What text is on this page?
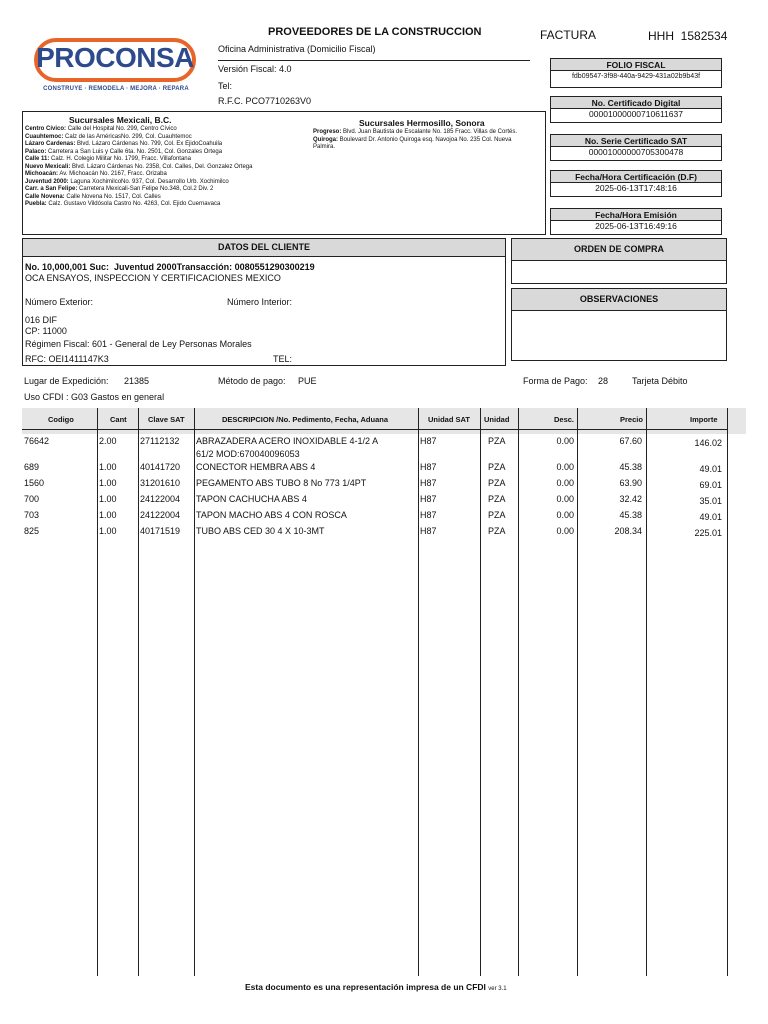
PROCONSA
CONSTRUYE · REMODELA · MEJORA · REPARA
PROVEEDORES DE LA CONSTRUCCION
Oficina Administrativa (Domicilio Fiscal)
Versión Fiscal: 4.0
Tel:
R.F.C. PCO7710263V0
FACTURA	HHH  1582534
FOLIO FISCAL
fdb09547-3f98-440a-9429-431a02b9b43f
No. Certificado Digital
00001000000710611637
No. Serie Certificado SAT
00001000000705300478
Fecha/Hora Certificación (D.F)
2025-06-13T17:48:16
Fecha/Hora Emisión
2025-06-13T16:49:16
Sucursales Mexicali, B.C.
Centro Cívico: Calle del Hospital No. 299, Centro Cívico
Cuauhtemoc: Calz de las AméricasNo. 299, Col. Cuauhtemoc
Lázaro Cardenas: Blvd. Lázaro Cárdenas No. 799, Col. Ex EjidoCoahuila
Palaco: Carretera a San Luis y Calle 6ta. No. 2501, Col. Gonzales Ortega
Calle 11: Calz. H. Colegio Militar No. 1799, Fracc. Villafontana
Nuevo Mexicali: Blvd. Lázaro Cárdenas No. 2358, Col. Calles, Del. Gonzalez Ortega
Michoacán: Av. Michoacán No. 2167, Fracc. Orizaba
Juventud 2000: Laguna XochimilcoNo. 937, Col. Desarrollo Urb. Xochimilco
Carr. a San Felipe: Carretera Mexicali-San Felipe No.348, Col.2 Div. 2
Calle Novena: Calle Novena No. 1517, Col. Calles
Puebla: Calz. Gustavo Vildósola Castro No. 4263, Col. Ejido Cuernavaca
Sucursales Hermosillo, Sonora
Progreso: Blvd. Juan Bautista de Escalante No. 185 Fracc. Villas de Cortés.
Quiroga: Boulevard Dr. Antonio Quiroga esq. Navojoa No. 235 Col. Nueva Palmira.
DATOS DEL CLIENTE
No. 10,000,001 Suc:  Juventud 2000Transacción: 0080551290300219
OCA ENSAYOS, INSPECCION Y CERTIFICACIONES MEXICO
Número Exterior:	Número Interior:
016 DIF
CP: 11000
Régimen Fiscal: 601 - General de Ley Personas Morales
RFC: OEI1411147K3	TEL:
ORDEN DE COMPRA
OBSERVACIONES
Lugar de Expedición: 21385	Método de pago: PUE	Forma de Pago: 28	Tarjeta Débito
Uso CFDI : G03 Gastos en general
Codigo	Cant	Clave SAT	DESCRIPCION /No. Pedimento, Fecha, Aduana	Unidad SAT Unidad	Desc.	Precio	Importe
76642	2.00	27112132 ABRAZADERA ACERO INOXIDABLE 4-1/2 A
61/2 MOD:670040096053
H87	PZA	0.00	67.60	146.02
689	1.00	40141720 CONECTOR HEMBRA ABS 4	H87	PZA	0.00	45.38	49.01
1560	1.00	31201610 PEGAMENTO ABS TUBO 8 No 773 1/4PT	H87	PZA	0.00	63.90	69.01
700	1.00	24122004 TAPON CACHUCHA ABS 4	H87	PZA	0.00	32.42	35.01
703	1.00	24122004 TAPON MACHO ABS 4 CON ROSCA	H87	PZA	0.00	45.38	49.01
825	1.00	40171519 TUBO ABS CED 30 4 X 10-3MT	H87	PZA	0.00	208.34	225.01
Esta documento es una representación impresa de un CFDI ver 3.1
